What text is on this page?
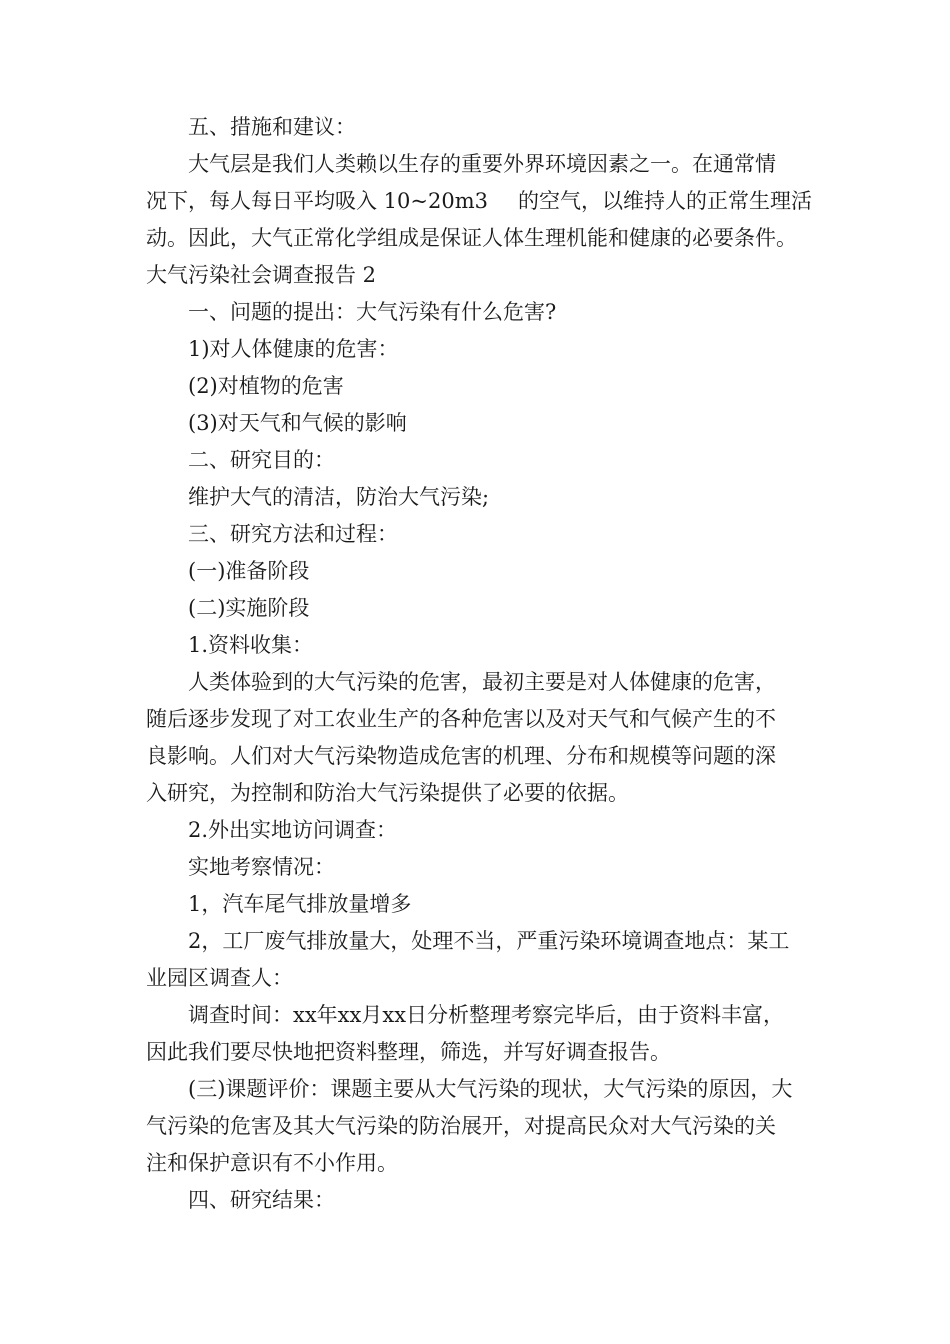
五、措施和建议：
大气层是我们人类赖以生存的重要外界环境因素之一。在通常情
况下，每人每日平均吸入 10~20m3 的空气，以维持人的正常生理活
动。因此，大气正常化学组成是保证人体生理机能和健康的必要条件。
大气污染社会调查报告 2
一、问题的提出：大气污染有什么危害?
1)对人体健康的危害：
(2)对植物的危害
(3)对天气和气候的影响
二、研究目的：
维护大气的清洁，防治大气污染;
三、研究方法和过程：
(一)准备阶段
(二)实施阶段
1.资料收集：
人类体验到的大气污染的危害，最初主要是对人体健康的危害，
随后逐步发现了对工农业生产的各种危害以及对天气和气候产生的不
良影响。人们对大气污染物造成危害的机理、分布和规模等问题的深
入研究，为控制和防治大气污染提供了必要的依据。
2.外出实地访问调查：
实地考察情况：
1，汽车尾气排放量增多
2，工厂废气排放量大，处理不当，严重污染环境调查地点：某工
业园区调查人：
调查时间：xx年xx月xx日分析整理考察完毕后，由于资料丰富，
因此我们要尽快地把资料整理，筛选，并写好调查报告。
(三)课题评价：课题主要从大气污染的现状，大气污染的原因，大
气污染的危害及其大气污染的防治展开，对提高民众对大气污染的关
注和保护意识有不小作用。
四、研究结果：
